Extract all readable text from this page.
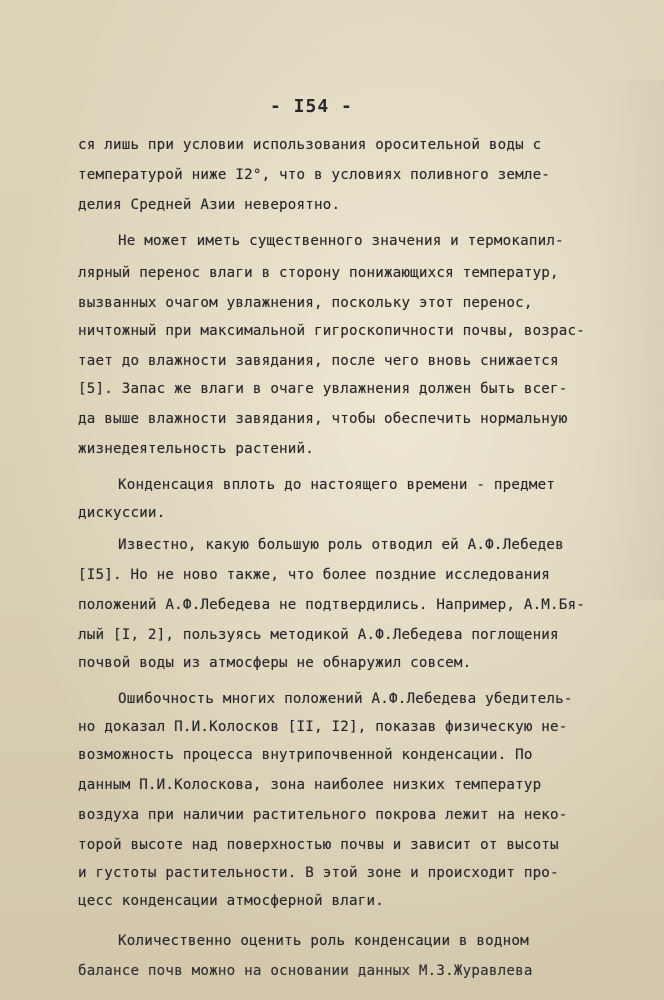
- I54 -
ся лишь при условии использования оросительной воды с
температурой ниже I2°, что в условиях поливного земле-
делия Средней Азии невероятно.
Не может иметь существенного значения и термокапил-
лярный перенос влаги в сторону понижающихся температур,
вызванных очагом увлажнения, поскольку этот перенос,
ничтожный при максимальной гигроскопичности почвы, возрас-
тает до влажности завядания, после чего вновь снижается
[5]. Запас же влаги в очаге увлажнения должен быть всег-
да выше влажности завядания, чтобы обеспечить нормальную
жизнедеятельность растений.
Конденсация вплоть до настоящего времени - предмет
дискуссии.
Известно, какую большую роль отводил ей А.Ф.Лебедев
[I5]. Но не ново также, что более поздние исследования
положений А.Ф.Лебедева не подтвердились. Например, А.М.Бя-
лый [I, 2], пользуясь методикой А.Ф.Лебедева поглощения
почвой воды из атмосферы не обнаружил совсем.
Ошибочность многих положений А.Ф.Лебедева убедитель-
но доказал П.И.Колосков [II, I2], показав физическую не-
возможность процесса внутрипочвенной конденсации. По
данным П.И.Колоскова, зона наиболее низких температур
воздуха при наличии растительного покрова лежит на неко-
торой высоте над поверхностью почвы и зависит от высоты
и густоты растительности. В этой зоне и происходит про-
цесс конденсации атмосферной влаги.
Количественно оценить роль конденсации в водном
балансе почв можно на основании данных М.З.Журавлева
